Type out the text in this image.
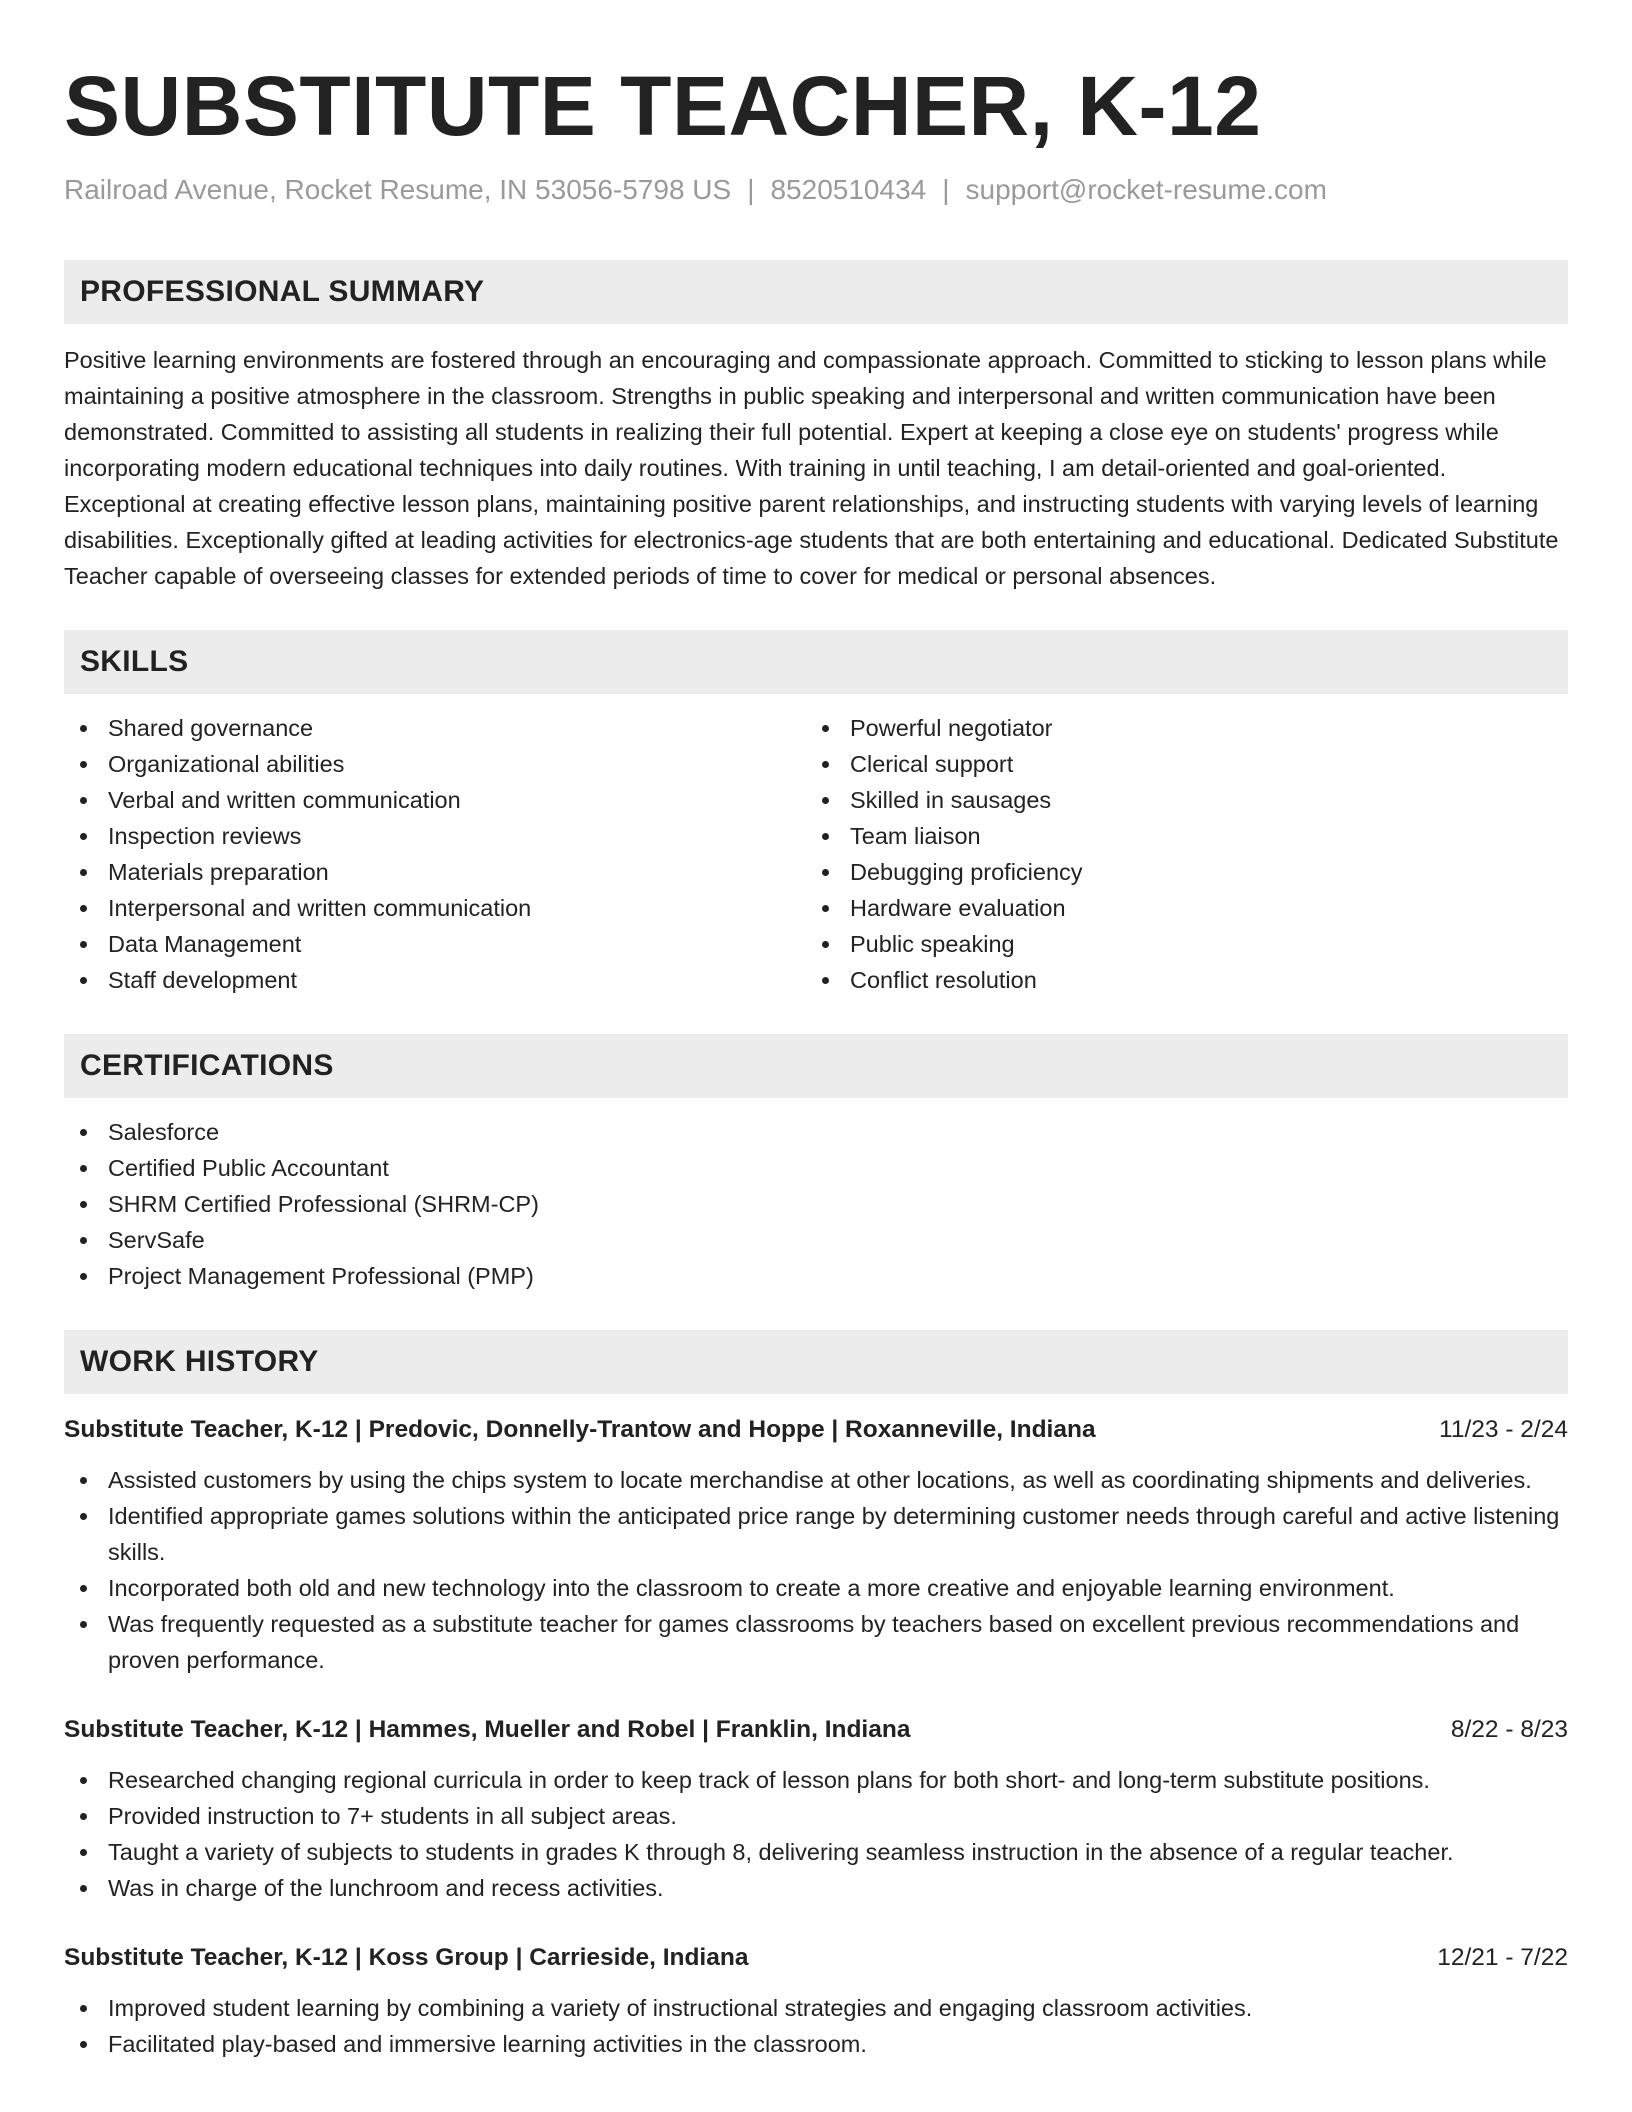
SUBSTITUTE TEACHER, K-12
Railroad Avenue, Rocket Resume, IN 53056-5798 US | 8520510434 | support@rocket-resume.com
PROFESSIONAL SUMMARY

Positive learning environments are fostered through an encouraging and compassionate approach. Committed to sticking to lesson plans while maintaining a positive atmosphere in the classroom. Strengths in public speaking and interpersonal and written communication have been demonstrated. Committed to assisting all students in realizing their full potential. Expert at keeping a close eye on students' progress while incorporating modern educational techniques into daily routines. With training in until teaching, I am detail-oriented and goal-oriented. Exceptional at creating effective lesson plans, maintaining positive parent relationships, and instructing students with varying levels of learning disabilities. Exceptionally gifted at leading activities for electronics-age students that are both entertaining and educational. Dedicated Substitute Teacher capable of overseeing classes for extended periods of time to cover for medical or personal absences.

SKILLS
Shared governance
Organizational abilities
Verbal and written communication
Inspection reviews
Materials preparation
Interpersonal and written communication
Data Management
Staff development
Powerful negotiator
Clerical support
Skilled in sausages
Team liaison
Debugging proficiency
Hardware evaluation
Public speaking
Conflict resolution
CERTIFICATIONS
Salesforce
Certified Public Accountant
SHRM Certified Professional (SHRM-CP)
ServSafe
Project Management Professional (PMP)
WORK HISTORY
Substitute Teacher, K-12 | Predovic, Donnelly-Trantow and Hoppe | Roxanneville, Indiana	11/23 - 2/24
Assisted customers by using the chips system to locate merchandise at other locations, as well as coordinating shipments and deliveries.
Identified appropriate games solutions within the anticipated price range by determining customer needs through careful and active listening skills.
Incorporated both old and new technology into the classroom to create a more creative and enjoyable learning environment.
Was frequently requested as a substitute teacher for games classrooms by teachers based on excellent previous recommendations and proven performance.
Substitute Teacher, K-12 | Hammes, Mueller and Robel | Franklin, Indiana	8/22 - 8/23
Researched changing regional curricula in order to keep track of lesson plans for both short- and long-term substitute positions.
Provided instruction to 7+ students in all subject areas.
Taught a variety of subjects to students in grades K through 8, delivering seamless instruction in the absence of a regular teacher.
Was in charge of the lunchroom and recess activities.
Substitute Teacher, K-12 | Koss Group | Carrieside, Indiana	12/21 - 7/22
Improved student learning by combining a variety of instructional strategies and engaging classroom activities.
Facilitated play-based and immersive learning activities in the classroom.
